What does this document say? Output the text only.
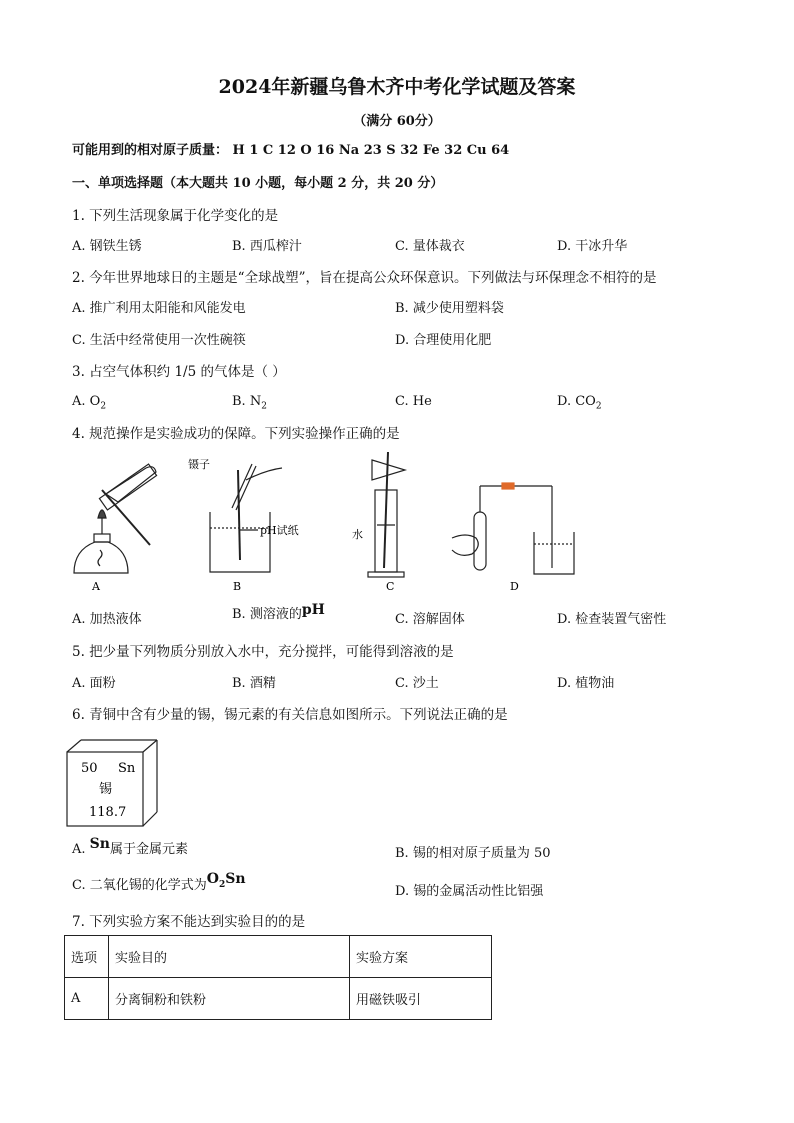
2024年新疆乌鲁木齐中考化学试题及答案
（满分 60分）
可能用到的相对原子质量： H 1 C 12 O 16 Na 23 S 32 Fe 32 Cu 64
一、单项选择题（本大题共 10 小题，每小题 2 分，共 20 分）
1. 下列生活现象属于化学变化的是
A. 钢铁生锈	B. 西瓜榨汁	C. 量体裁衣	D. 干冰升华
2. 今年世界地球日的主题是“全球战塑”，旨在提高公众环保意识。下列做法与环保理念不相符的是
A. 推广利用太阳能和风能发电	B. 减少使用塑料袋
C. 生活中经常使用一次性碗筷	D. 合理使用化肥
3. 占空气体积约 1/5 的气体是（ ）
A. $O_2$	B. $N_2$	C. He	D. $CO_2$
4. 规范操作是实验成功的保障。下列实验操作正确的是
A
镊子
pH试纸
B
水
C	D
A. 加热液体	B. 测溶液的pH
C. 溶解固体	D. 检查装置气密性
5. 把少量下列物质分别放入水中，充分搅拌，可能得到溶液的是
A. 面粉	B. 酒精	C. 沙土	D. 植物油
6. 青铜中含有少量的锡，锡元素的有关信息如图所示。下列说法正确的是
50 Sn
锡
118.7
A. Sn属于金属元素	B. 锡的相对原子质量为 50
C. 二氧化锡的化学式为$O_2Sn$
D. 锡的金属活动性比铝强
7. 下列实验方案不能达到实验目的的是
选项	实验目的	实验方案
A	分离铜粉和铁粉	用磁铁吸引
